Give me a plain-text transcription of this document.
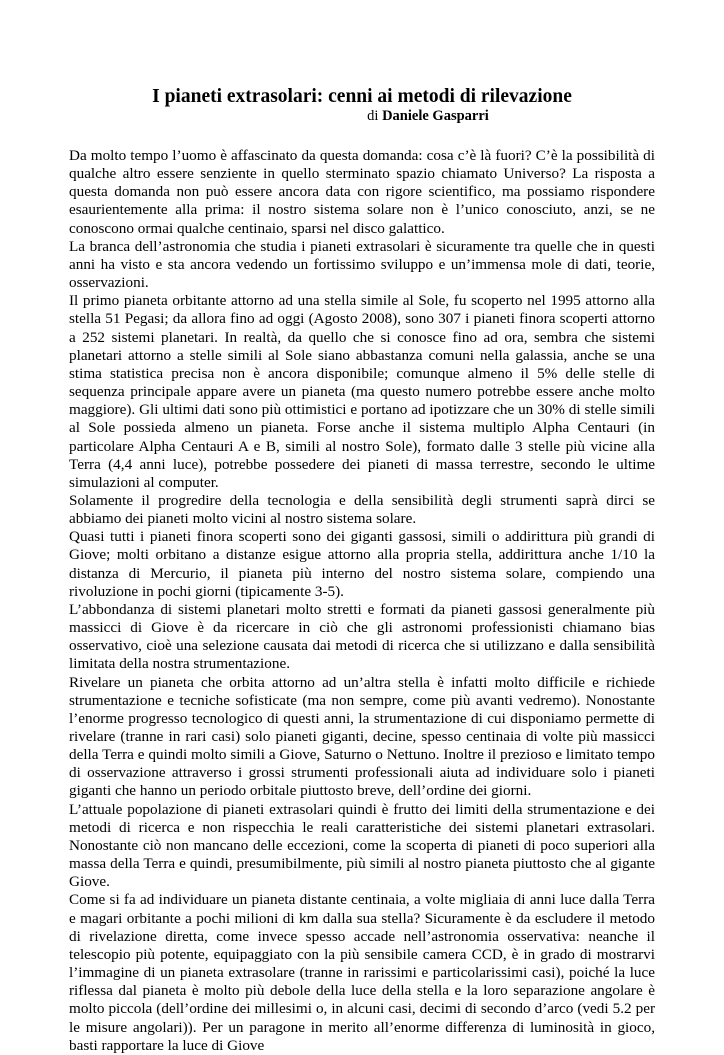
I pianeti extrasolari: cenni ai metodi di rilevazione

di Daniele Gasparri

Da molto tempo l’uomo è affascinato da questa domanda: cosa c’è là fuori? C’è la possibilità di qualche altro essere senziente in quello sterminato spazio chiamato Universo? La risposta a questa domanda non può essere ancora data con rigore scientifico, ma possiamo rispondere esaurientemente alla prima: il nostro sistema solare non è l’unico conosciuto, anzi, se ne conoscono ormai qualche centinaio, sparsi nel disco galattico.

La branca dell’astronomia che studia i pianeti extrasolari è sicuramente tra quelle che in questi anni ha visto e sta ancora vedendo un fortissimo sviluppo e un’immensa mole di dati, teorie, osservazioni.

Il primo pianeta orbitante attorno ad una stella simile al Sole, fu scoperto nel 1995 attorno alla stella 51 Pegasi; da allora fino ad oggi (Agosto 2008), sono 307 i pianeti finora scoperti attorno a 252 sistemi planetari. In realtà, da quello che si conosce fino ad ora, sembra che sistemi planetari attorno a stelle simili al Sole siano abbastanza comuni nella galassia, anche se una stima statistica precisa non è ancora disponibile; comunque almeno il 5% delle stelle di sequenza principale appare avere un pianeta (ma questo numero potrebbe essere anche molto maggiore). Gli ultimi dati sono più ottimistici e portano ad ipotizzare che un 30% di stelle simili al Sole possieda almeno un pianeta. Forse anche il sistema multiplo Alpha Centauri (in particolare Alpha Centauri A e B, simili al nostro Sole), formato dalle 3 stelle più vicine alla Terra (4,4 anni luce), potrebbe possedere dei pianeti di massa terrestre, secondo le ultime simulazioni al computer.

Solamente il progredire della tecnologia e della sensibilità degli strumenti saprà dirci se abbiamo dei pianeti molto vicini al nostro sistema solare.

Quasi tutti i pianeti finora scoperti sono dei giganti gassosi, simili o addirittura più grandi di Giove; molti orbitano a distanze esigue attorno alla propria stella, addirittura anche 1/10 la distanza di Mercurio, il pianeta più interno del nostro sistema solare, compiendo una rivoluzione in pochi giorni (tipicamente 3-5).

L’abbondanza di sistemi planetari molto stretti e formati da pianeti gassosi generalmente più massicci di Giove è da ricercare in ciò che gli astronomi professionisti chiamano bias osservativo, cioè una selezione causata dai metodi di ricerca che si utilizzano e dalla sensibilità limitata della nostra strumentazione.

Rivelare un pianeta che orbita attorno ad un’altra stella è infatti molto difficile e richiede strumentazione e tecniche sofisticate (ma non sempre, come più avanti vedremo). Nonostante l’enorme progresso tecnologico di questi anni, la strumentazione di cui disponiamo permette di rivelare (tranne in rari casi) solo pianeti giganti, decine, spesso centinaia di volte più massicci della Terra e quindi molto simili a Giove, Saturno o Nettuno. Inoltre il prezioso e limitato tempo di osservazione attraverso i grossi strumenti professionali aiuta ad individuare solo i pianeti giganti che hanno un periodo orbitale piuttosto breve, dell’ordine dei giorni.

L’attuale popolazione di pianeti extrasolari quindi è frutto dei limiti della strumentazione e dei metodi di ricerca e non rispecchia le reali caratteristiche dei sistemi planetari extrasolari. Nonostante ciò non mancano delle eccezioni, come la scoperta di pianeti di poco superiori alla massa della Terra e quindi, presumibilmente, più simili al nostro pianeta piuttosto che al gigante Giove.

Come si fa ad individuare un pianeta distante centinaia, a volte migliaia di anni luce dalla Terra e magari orbitante a pochi milioni di km dalla sua stella? Sicuramente è da escludere il metodo di rivelazione diretta, come invece spesso accade nell’astronomia osservativa: neanche il telescopio più potente, equipaggiato con la più sensibile camera CCD, è in grado di mostrarvi l’immagine di un pianeta extrasolare (tranne in rarissimi e particolarissimi casi), poiché la luce riflessa dal pianeta è molto più debole della luce della stella e la loro separazione angolare è molto piccola (dell’ordine dei millesimi o, in alcuni casi, decimi di secondo d’arco (vedi 5.2 per le misure angolari)). Per un paragone in merito all’enorme differenza di luminosità in gioco, basti rapportare la luce di Giove
